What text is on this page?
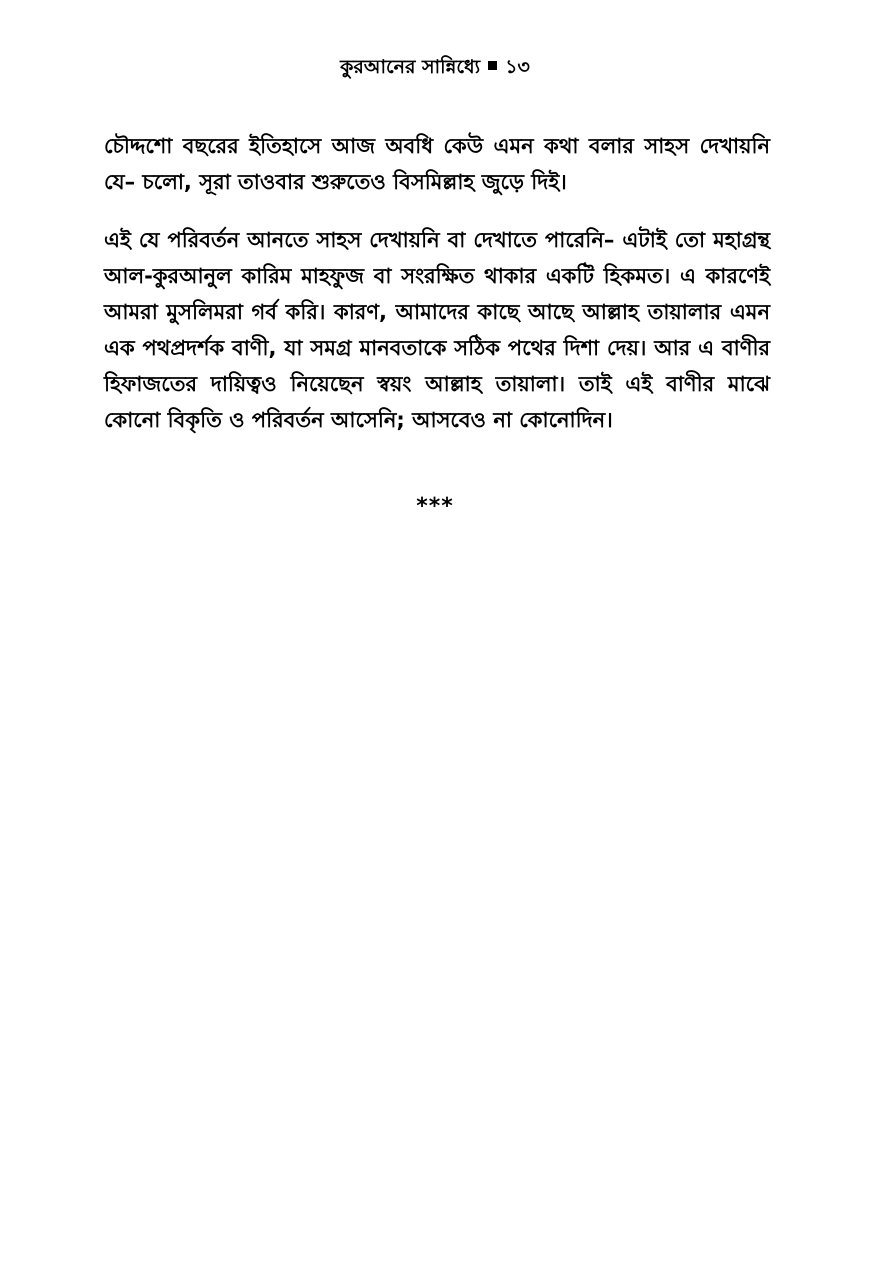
কুরআনের সান্নিধ্যে ১৩

চৌদ্দশো বছরের ইতিহাসে আজ অবধি কেউ এমন কথা বলার সাহস দেখায়নি যে– চলো, সূরা তাওবার শুরুতেও বিসমিল্লাহ জুড়ে দিই।

এই যে পরিবর্তন আনতে সাহস দেখায়নি বা দেখাতে পারেনি– এটাই তো মহাগ্রন্থ আল-কুরআনুল কারিম মাহফুজ বা সংরক্ষিত থাকার একটি হিকমত। এ কারণেই আমরা মুসলিমরা গর্ব করি। কারণ, আমাদের কাছে আছে আল্লাহ তায়ালার এমন এক পথপ্রদর্শক বাণী, যা সমগ্র মানবতাকে সঠিক পথের দিশা দেয়। আর এ বাণীর হিফাজতের দায়িত্বও নিয়েছেন স্বয়ং আল্লাহ তায়ালা। তাই এই বাণীর মাঝে কোনো বিকৃতি ও পরিবর্তন আসেনি; আসবেও না কোনোদিন।

***
